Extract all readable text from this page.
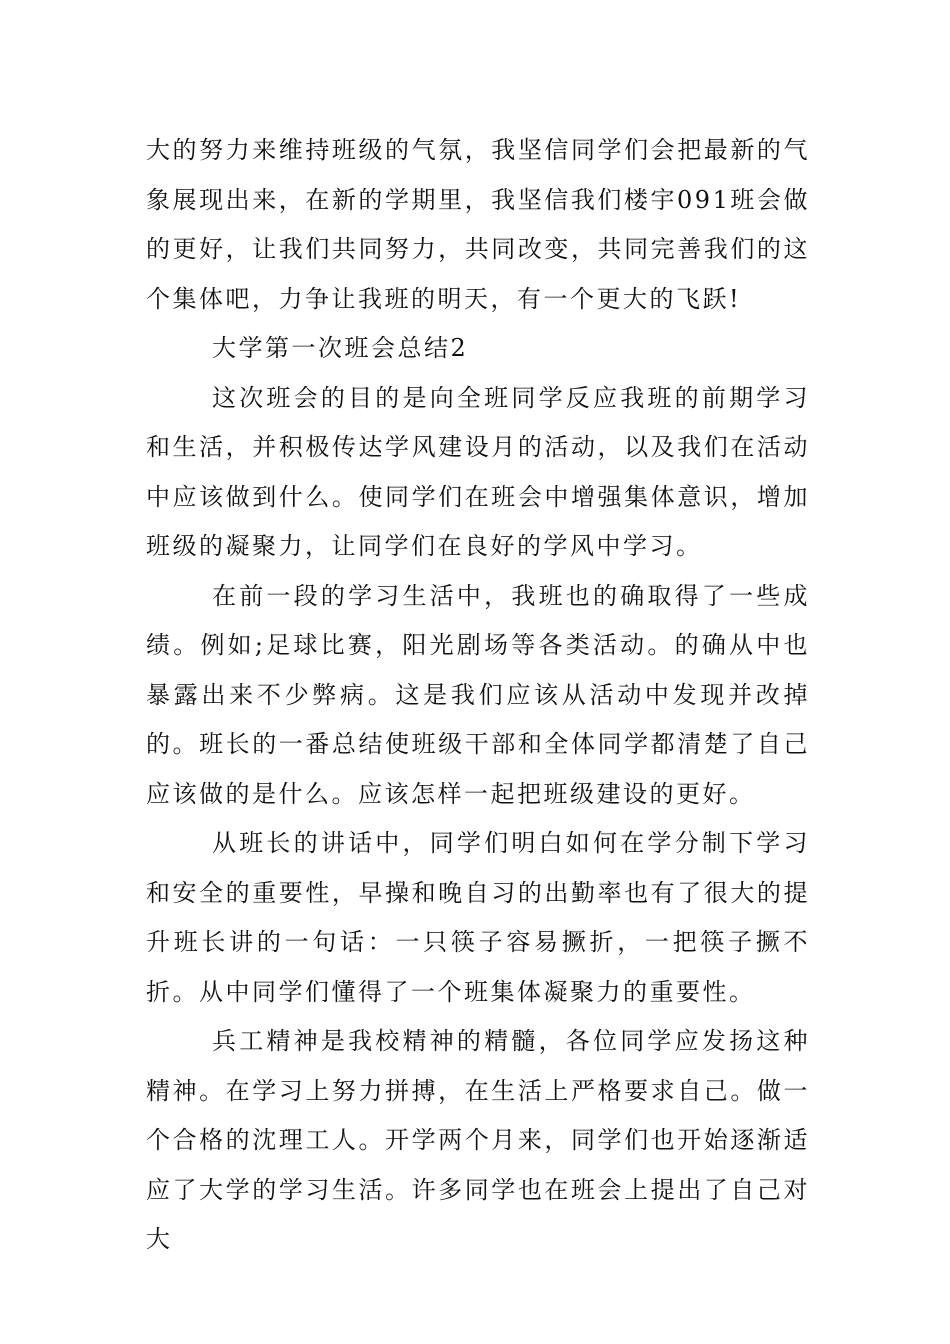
大的努力来维持班级的气氛，我坚信同学们会把最新的气象展现出来，在新的学期里，我坚信我们楼宇091班会做的更好，让我们共同努力，共同改变，共同完善我们的这个集体吧，力争让我班的明天，有一个更大的飞跃!

大学第一次班会总结2

这次班会的目的是向全班同学反应我班的前期学习和生活，并积极传达学风建设月的活动，以及我们在活动中应该做到什么。使同学们在班会中增强集体意识，增加班级的凝聚力，让同学们在良好的学风中学习。

在前一段的学习生活中，我班也的确取得了一些成绩。例如;足球比赛，阳光剧场等各类活动。的确从中也暴露出来不少弊病。这是我们应该从活动中发现并改掉的。班长的一番总结使班级干部和全体同学都清楚了自己应该做的是什么。应该怎样一起把班级建设的更好。

从班长的讲话中，同学们明白如何在学分制下学习和安全的重要性，早操和晚自习的出勤率也有了很大的提升班长讲的一句话：一只筷子容易撅折，一把筷子撅不折。从中同学们懂得了一个班集体凝聚力的重要性。

兵工精神是我校精神的精髓，各位同学应发扬这种精神。在学习上努力拼搏，在生活上严格要求自己。做一个合格的沈理工人。开学两个月来，同学们也开始逐渐适应了大学的学习生活。许多同学也在班会上提出了自己对大
